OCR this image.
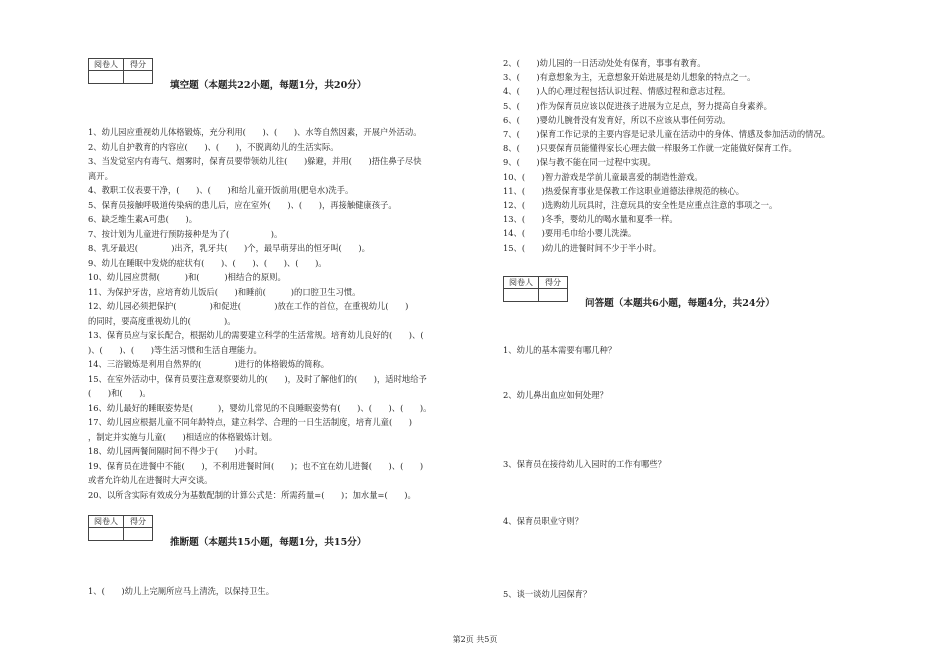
阅卷人	得分

填空题（本题共22小题，每题1分，共20分）
1、幼儿园应重视幼儿体格锻炼，充分利用(　　)、(　　)、水等自然因素，开展户外活动。
2、幼儿自护教育的内容应(　　)、(　　)，不脱离幼儿的生活实际。
3、当发觉室内有毒气、烟雾时，保育员要带领幼儿往(　　)躲避，并用(　　)捂住鼻子尽快
离开。
4、教职工仪表要干净，(　　)、(　　)和给儿童开饭前用(肥皂水)洗手。
5、保育员接触呼吸道传染病的患儿后，应在室外(　　)、(　　)，再接触健康孩子。
6、缺乏维生素A可患(　　)。
7、按计划为儿童进行预防接种是为了(　　　　　)。
8、乳牙最迟(　　　　)出齐，乳牙共(　　)个，最早萌芽出的恒牙叫(　　)。
9、幼儿在睡眠中发烧的症状有(　　)、(　　)、(　　)、(　　)。
10、幼儿园应贯彻(　　　)和(　　　)相结合的原则。
11、为保护牙齿，应培育幼儿饭后(　　)和睡前(　　　)的口腔卫生习惯。
12、幼儿园必须把保护(　　　　)和促进(　　　　)放在工作的首位，在重视幼儿(　　)
的同时，要高度重视幼儿的(　　　　)。
13、保育员应与家长配合，根据幼儿的需要建立科学的生活常规。培育幼儿良好的(　　)、(　　
)、(　　)、(　　)等生活习惯和生活自理能力。
14、三浴锻炼是利用自然界的(　　　　)进行的体格锻炼的简称。
15、在室外活动中，保育员要注意观察要幼儿的(　　)，及时了解他们的(　　)，适时地给予
(　　)和(　　)。
16、幼儿最好的睡眠姿势是(　　　)，婴幼儿常见的不良睡眠姿势有(　　)、(　　)、(　　)。
17、幼儿园应根据儿童不同年龄特点，建立科学、合理的一日生活制度，培育儿童(　　)
，制定并实施与儿童(　　)相适应的体格锻炼计划。
18、幼儿园两餐间隔时间不得少于(　　)小时。
19、保育员在进餐中不能(　　)，不利用进餐时间(　　)；也不宜在幼儿进餐(　　)、(　　)
或者允许幼儿在进餐时大声交谈。
20、以所含实际有效成分为基数配制的计算公式是：所需药量=(　　)；加水量=(　　)。
阅卷人	得分

推断题（本题共15小题，每题1分，共15分）
1、(　　)幼儿上完厕所应马上清洗，以保持卫生。
2、(　　)幼儿园的一日活动处处有保育，事事有教育。
3、(　　)有意想象为主，无意想象开始进展是幼儿想象的特点之一。
4、(　　)人的心理过程包括认识过程、情感过程和意志过程。
5、(　　)作为保育员应该以促进孩子进展为立足点，努力提高自身素养。
6、(　　)婴幼儿腕骨没有发育好，所以不应该从事任何劳动。
7、(　　)保育工作记录的主要内容是记录儿童在活动中的身体、情感及参加活动的情况。
8、(　　)只要保育员能懂得家长心理去做一样服务工作就一定能做好保育工作。
9、(　　)保与教不能在同一过程中实现。
10、(　　)智力游戏是学前儿童最喜爱的制造性游戏。
11、(　　)热爱保育事业是保教工作这职业道德法律规范的核心。
12、(　　)选购幼儿玩具时，注意玩具的安全性是应重点注意的事项之一。
13、(　　)冬季，婴幼儿的喝水量和夏季一样。
14、(　　)要用毛巾给小婴儿洗澡。
15、(　　)幼儿的进餐时间不少于半小时。
阅卷人	得分

问答题（本题共6小题，每题4分，共24分）
1、幼儿的基本需要有哪几种？
2、幼儿鼻出血应如何处理？
3、保育员在接待幼儿入园时的工作有哪些？
4、保育员职业守则？
5、谈一谈幼儿园保育？
第2页 共5页
